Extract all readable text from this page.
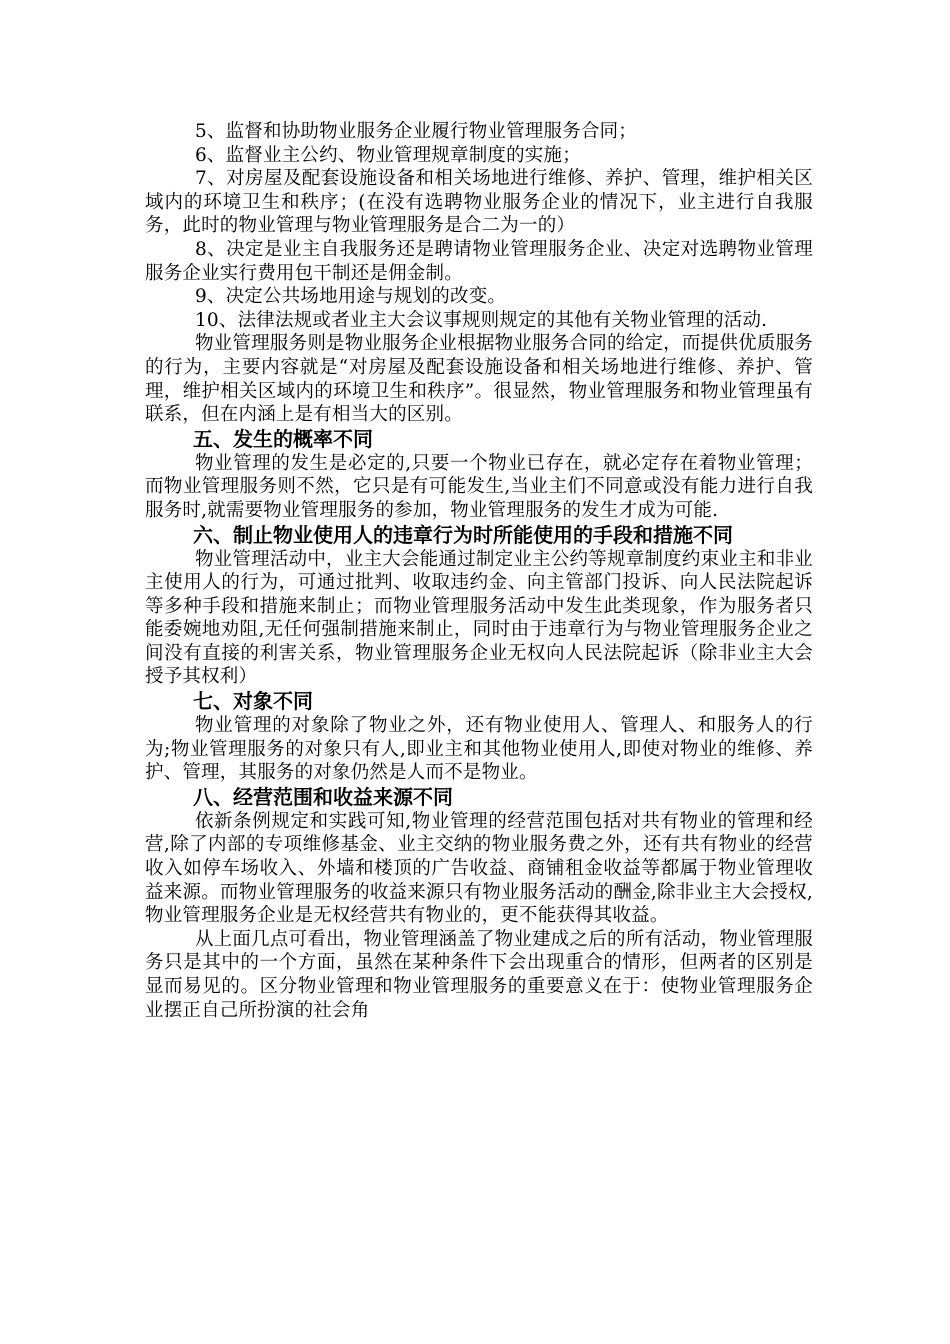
5、监督和协助物业服务企业履行物业管理服务合同；

6、监督业主公约、物业管理规章制度的实施；

7、对房屋及配套设施设备和相关场地进行维修、养护、管理，维护相关区域内的环境卫生和秩序；(在没有选聘物业服务企业的情况下，业主进行自我服务，此时的物业管理与物业管理服务是合二为一的）

8、决定是业主自我服务还是聘请物业管理服务企业、决定对选聘物业管理服务企业实行费用包干制还是佣金制。

9、决定公共场地用途与规划的改变。

10、法律法规或者业主大会议事规则规定的其他有关物业管理的活动.

物业管理服务则是物业服务企业根据物业服务合同的给定，而提供优质服务的行为，主要内容就是“对房屋及配套设施设备和相关场地进行维修、养护、管理，维护相关区域内的环境卫生和秩序”。很显然，物业管理服务和物业管理虽有联系，但在内涵上是有相当大的区别。

五、发生的概率不同

物业管理的发生是必定的,只要一个物业已存在，就必定存在着物业管理；而物业管理服务则不然，它只是有可能发生,当业主们不同意或没有能力进行自我服务时,就需要物业管理服务的参加，物业管理服务的发生才成为可能.

六、制止物业使用人的违章行为时所能使用的手段和措施不同

物业管理活动中，业主大会能通过制定业主公约等规章制度约束业主和非业主使用人的行为，可通过批判、收取违约金、向主管部门投诉、向人民法院起诉等多种手段和措施来制止；而物业管理服务活动中发生此类现象，作为服务者只能委婉地劝阻,无任何强制措施来制止，同时由于违章行为与物业管理服务企业之间没有直接的利害关系，物业管理服务企业无权向人民法院起诉（除非业主大会授予其权利）

七、对象不同

物业管理的对象除了物业之外，还有物业使用人、管理人、和服务人的行为;物业管理服务的对象只有人,即业主和其他物业使用人,即使对物业的维修、养护、管理，其服务的对象仍然是人而不是物业。

八、经营范围和收益来源不同

依新条例规定和实践可知,物业管理的经营范围包括对共有物业的管理和经营,除了内部的专项维修基金、业主交纳的物业服务费之外，还有共有物业的经营收入如停车场收入、外墙和楼顶的广告收益、商铺租金收益等都属于物业管理收益来源。而物业管理服务的收益来源只有物业服务活动的酬金,除非业主大会授权,物业管理服务企业是无权经营共有物业的，更不能获得其收益。

从上面几点可看出，物业管理涵盖了物业建成之后的所有活动，物业管理服务只是其中的一个方面，虽然在某种条件下会出现重合的情形，但两者的区别是显而易见的。区分物业管理和物业管理服务的重要意义在于：使物业管理服务企业摆正自己所扮演的社会角
